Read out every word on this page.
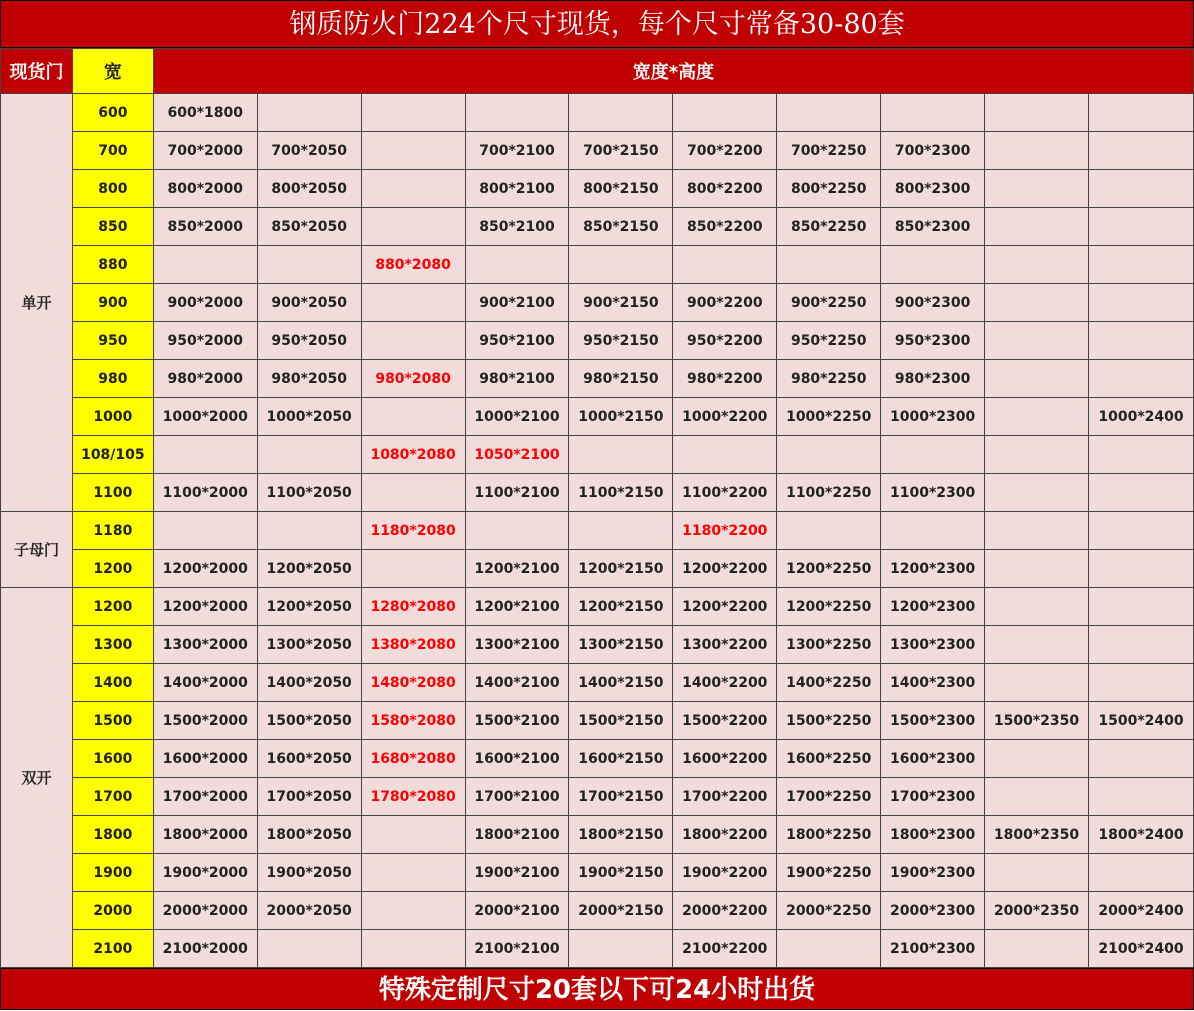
钢质防火门224个尺寸现货，每个尺寸常备30-80套
现货门	宽	宽度*高度									
单开	600	600*1800									
	700	700*2000	700*2050		700*2100	700*2150	700*2200	700*2250	700*2300		
	800	800*2000	800*2050		800*2100	800*2150	800*2200	800*2250	800*2300		
	850	850*2000	850*2050		850*2100	850*2150	850*2200	850*2250	850*2300		
	880			880*2080							
	900	900*2000	900*2050		900*2100	900*2150	900*2200	900*2250	900*2300		
	950	950*2000	950*2050		950*2100	950*2150	950*2200	950*2250	950*2300		
	980	980*2000	980*2050	980*2080	980*2100	980*2150	980*2200	980*2250	980*2300		
	1000	1000*2000	1000*2050		1000*2100	1000*2150	1000*2200	1000*2250	1000*2300		1000*2400
	108/105			1080*2080	1050*2100						
	1100	1100*2000	1100*2050		1100*2100	1100*2150	1100*2200	1100*2250	1100*2300		
子母门	1180			1180*2080			1180*2200				
	1200	1200*2000	1200*2050		1200*2100	1200*2150	1200*2200	1200*2250	1200*2300		
双开	1200	1200*2000	1200*2050	1280*2080	1200*2100	1200*2150	1200*2200	1200*2250	1200*2300		
	1300	1300*2000	1300*2050	1380*2080	1300*2100	1300*2150	1300*2200	1300*2250	1300*2300		
	1400	1400*2000	1400*2050	1480*2080	1400*2100	1400*2150	1400*2200	1400*2250	1400*2300		
	1500	1500*2000	1500*2050	1580*2080	1500*2100	1500*2150	1500*2200	1500*2250	1500*2300	1500*2350	1500*2400
	1600	1600*2000	1600*2050	1680*2080	1600*2100	1600*2150	1600*2200	1600*2250	1600*2300		
	1700	1700*2000	1700*2050	1780*2080	1700*2100	1700*2150	1700*2200	1700*2250	1700*2300		
	1800	1800*2000	1800*2050		1800*2100	1800*2150	1800*2200	1800*2250	1800*2300	1800*2350	1800*2400
	1900	1900*2000	1900*2050		1900*2100	1900*2150	1900*2200	1900*2250	1900*2300		
	2000	2000*2000	2000*2050		2000*2100	2000*2150	2000*2200	2000*2250	2000*2300	2000*2350	2000*2400
	2100	2100*2000			2100*2100		2100*2200		2100*2300		2100*2400
特殊定制尺寸20套以下可24小时出货
